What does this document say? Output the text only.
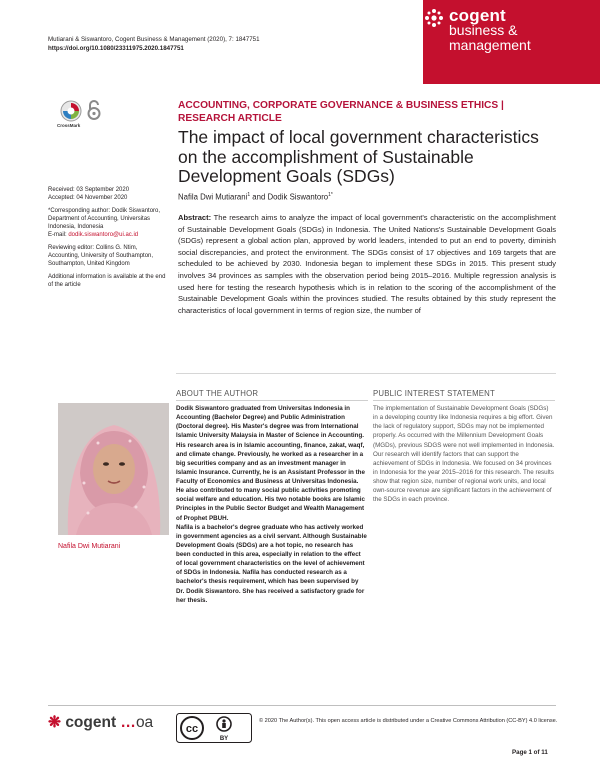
Mutiarani & Siswantoro, Cogent Business & Management (2020), 7: 1847751
https://doi.org/10.1080/23311975.2020.1847751
cogent
business &
management
CrossMark
ACCOUNTING, CORPORATE GOVERNANCE & BUSINESS ETHICS | RESEARCH ARTICLE
The impact of local government characteristics on the accomplishment of Sustainable Development Goals (SDGs)
Nafila Dwi Mutiarani$^1$ and Dodik Siswantoro$^{1*}$

Received: 03 September 2020
Accepted: 04 November 2020

*Corresponding author: Dodik Siswantoro, Department of Accounting, Universitas Indonesia, Indonesia
E-mail: dodik.siswantoro@ui.ac.id

Reviewing editor: Collins G. Ntim, Accounting, University of Southampton, Southampton, United Kingdom

Additional information is available at the end of the article

Abstract: The research aims to analyze the impact of local government's characteristic on the accomplishment of Sustainable Development Goals (SDGs) in Indonesia. The United Nations's Sustainable Development Goals (SDGs) represent a global action plan, approved by world leaders, intended to put an end to poverty, diminish social discrepancies, and protect the environment. The SDGs consist of 17 objectives and 169 targets that are scheduled to be achieved by 2030. Indonesia began to implement these SDGs in 2015. This present study involves 34 provinces as samples with the observation period being 2015–2016. Multiple regression analysis is used here for testing the research hypothesis which is in relation to the scoring of the accomplishment of the Sustainable Development Goals within the provinces studied. The results obtained by this study represent the characteristics of local government in terms of region size, the number of
ABOUT THE AUTHOR
Nafila Dwi Mutiarani
Dodik Siswantoro graduated from Universitas Indonesia in Accounting (Bachelor Degree) and Public Administration (Doctoral degree). His Master's degree was from International Islamic University Malaysia in Master of Science in Accounting. His research area is in Islamic accounting, finance, zakat, waqf, and climate change. Previously, he worked as a researcher in a big securities company and as an investment manager in Islamic Insurance. Currently, he is an Assistant Professor in the Faculty of Economics and Business at Universitas Indonesia. He also contributed to many social public activities promoting social welfare and education. His two notable books are Islamic Principles in the Public Sector Budget and Wealth Management of Prophet PBUH.
Nafila is a bachelor's degree graduate who has actively worked in government agencies as a civil servant. Although Sustainable Development Goals (SDGs) are a hot topic, no research has been conducted in this area, especially in relation to the effect of local government characteristics on the level of achievement of SDGs in Indonesia. Nafila has conducted research as a bachelor's thesis requirement, which has been supervised by Dr. Dodik Siswantoro. She has received a satisfactory grade for her thesis.
PUBLIC INTEREST STATEMENT
The implementation of Sustainable Development Goals (SDGs) in a developing country like Indonesia requires a big effort. Given the lack of regulatory support, SDGs may not be implemented properly. As occurred with the Millennium Development Goals (MGDs), previous SDGS were not well implemented in Indonesia. Our research will identify factors that can support the achievement of SDGs in Indonesia. We focused on 34 provinces in Indonesia for the year 2015–2016 for this research. The results show that region size, number of regional work units, and local own-source revenue are significant factors in the achievement of the SDGs in each province.
❋ cogent …oa	cc
BY
© 2020 The Author(s). This open access article is distributed under a Creative Commons Attribution (CC-BY) 4.0 license.
Page 1 of 11
